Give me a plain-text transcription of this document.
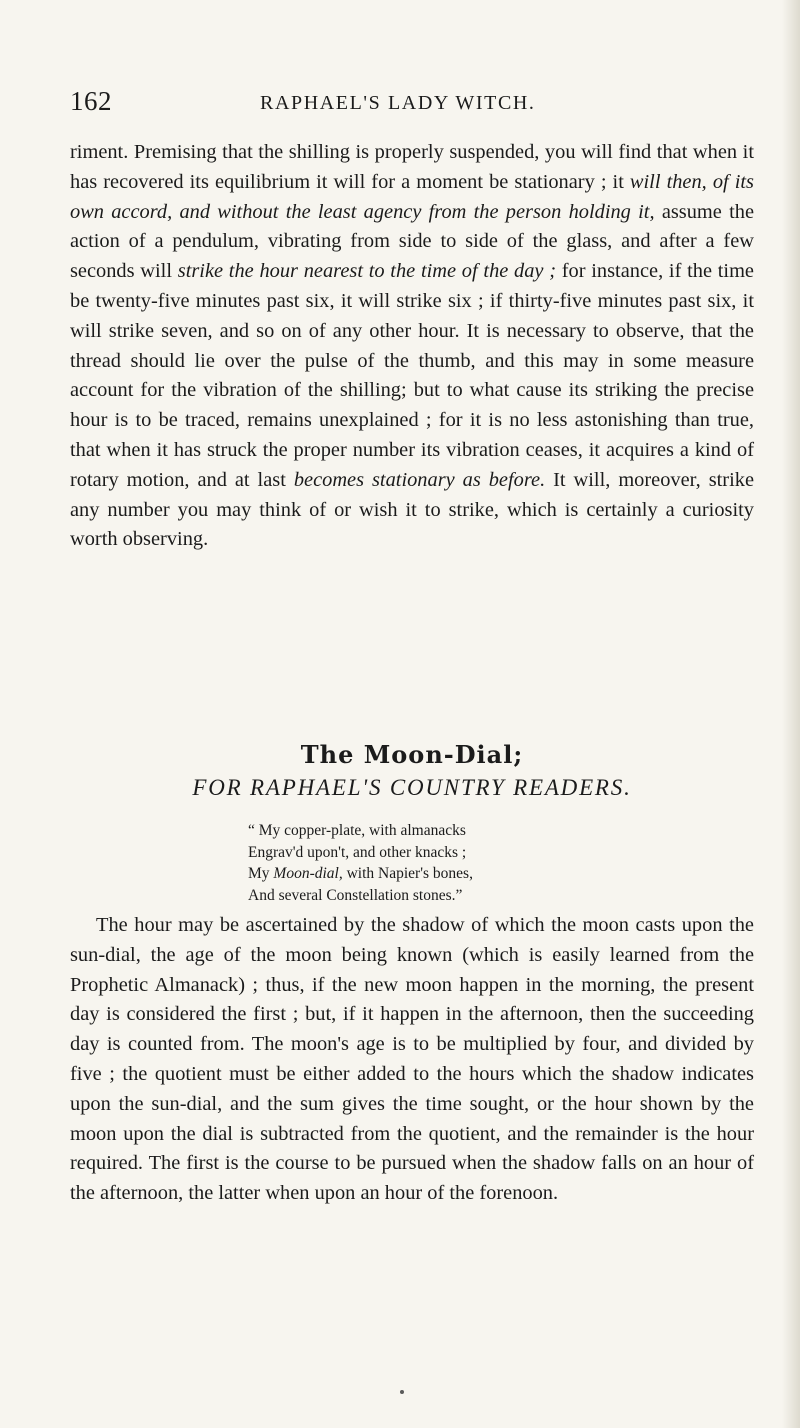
162	RAPHAEL'S LADY WITCH.

riment. Premising that the shilling is properly suspended, you will find that when it has recovered its equilibrium it will for a moment be stationary ; it will then, of its own accord, and without the least agency from the person holding it, assume the action of a pendulum, vibrating from side to side of the glass, and after a few seconds will strike the hour nearest to the time of the day ; for instance, if the time be twenty-five minutes past six, it will strike six ; if thirty-five minutes past six, it will strike seven, and so on of any other hour. It is necessary to observe, that the thread should lie over the pulse of the thumb, and this may in some measure account for the vibration of the shilling; but to what cause its striking the precise hour is to be traced, remains unexplained ; for it is no less astonishing than true, that when it has struck the proper number its vibration ceases, it acquires a kind of rotary motion, and at last becomes stationary as before. It will, moreover, strike any number you may think of or wish it to strike, which is certainly a curiosity worth observing.

The Moon-Dial;
FOR RAPHAEL'S COUNTRY READERS.
“ My copper-plate, with almanacks
Engrav'd upon't, and other knacks ;
My Moon-dial, with Napier's bones,
And several Constellation stones.”

The hour may be ascertained by the shadow of which the moon casts upon the sun-dial, the age of the moon being known (which is easily learned from the Prophetic Almanack) ; thus, if the new moon happen in the morning, the present day is considered the first ; but, if it happen in the afternoon, then the succeeding day is counted from. The moon's age is to be multiplied by four, and divided by five ; the quotient must be either added to the hours which the shadow indicates upon the sun-dial, and the sum gives the time sought, or the hour shown by the moon upon the dial is subtracted from the quotient, and the remainder is the hour required. The first is the course to be pursued when the shadow falls on an hour of the afternoon, the latter when upon an hour of the forenoon.
